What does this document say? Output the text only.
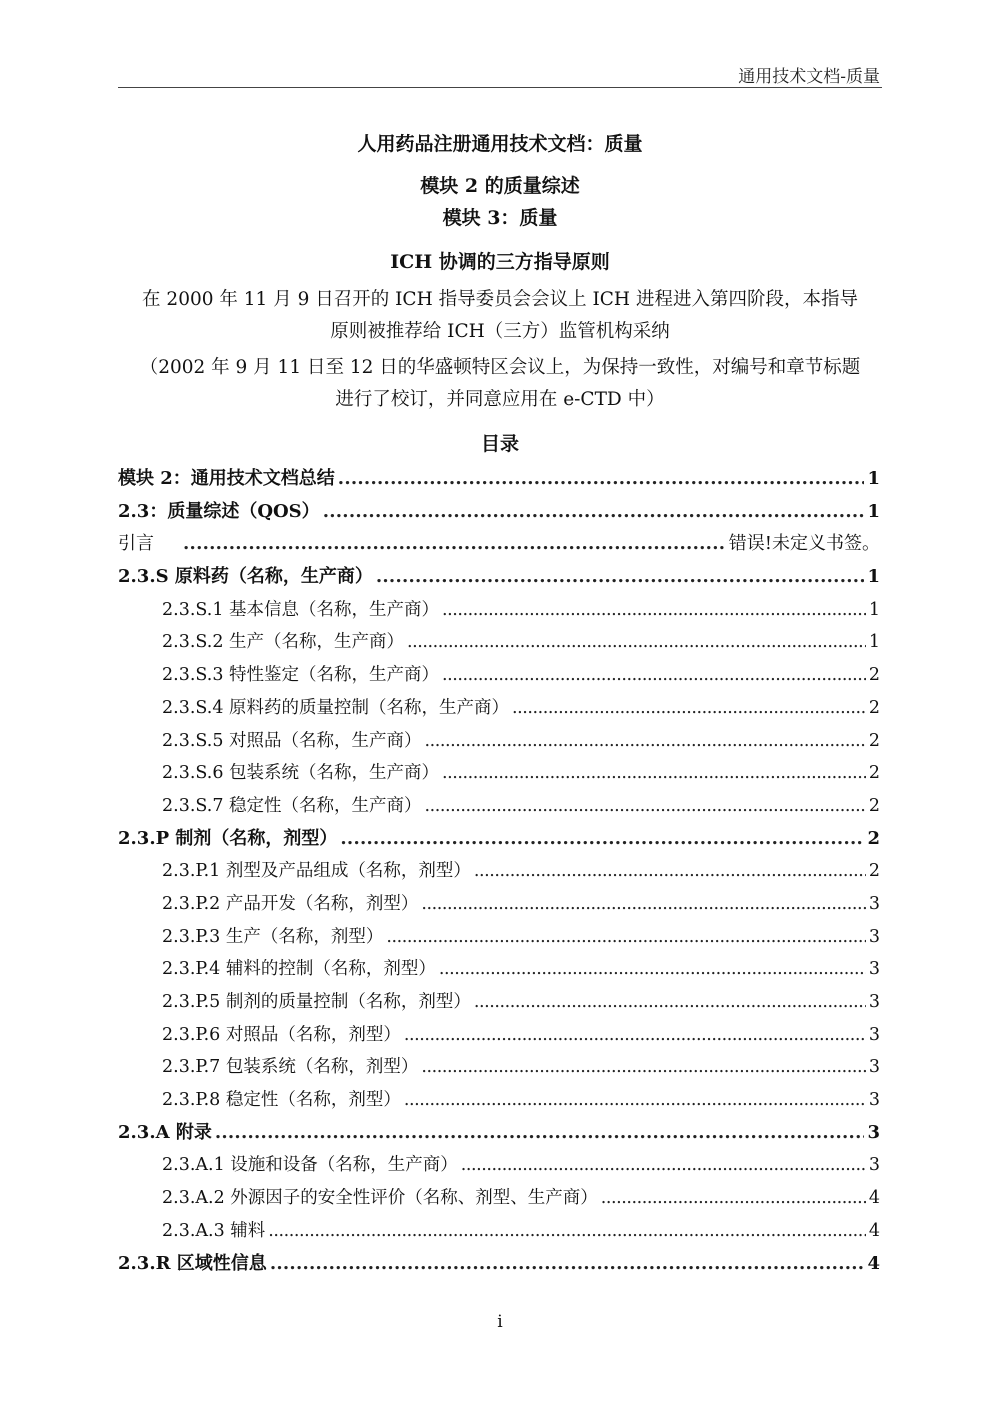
通用技术文档-质量
人用药品注册通用技术文档：质量
模块 2 的质量综述
模块 3：质量
ICH 协调的三方指导原则
在 2000 年 11 月 9 日召开的 ICH 指导委员会会议上 ICH 进程进入第四阶段，本指导
原则被推荐给 ICH（三方）监管机构采纳
（2002 年 9 月 11 日至 12 日的华盛顿特区会议上，为保持一致性，对编号和章节标题
进行了校订，并同意应用在 e-CTD 中）
目录
模块 2：通用技术文档总结 . . .	1
2.3：质量综述（QOS） . . .	1
引言 . . .	错误!未定义书签。
2.3.S 原料药（名称，生产商） . . .	1
2.3.S.1 基本信息（名称，生产商） . . .	1
2.3.S.2 生产（名称，生产商） . . .	1
2.3.S.3 特性鉴定（名称，生产商） . . .	2
2.3.S.4 原料药的质量控制（名称，生产商） . . .	2
2.3.S.5 对照品（名称，生产商） . . .	2
2.3.S.6 包装系统（名称，生产商） . . .	2
2.3.S.7 稳定性（名称，生产商） . . .	2
2.3.P 制剂（名称，剂型） . . .	2
2.3.P.1 剂型及产品组成（名称，剂型） . . .	2
2.3.P.2 产品开发（名称，剂型） . . .	3
2.3.P.3 生产（名称，剂型） . . .	3
2.3.P.4 辅料的控制（名称，剂型） . . .	3
2.3.P.5 制剂的质量控制（名称，剂型） . . .	3
2.3.P.6 对照品（名称，剂型） . . .	3
2.3.P.7 包装系统（名称，剂型） . . .	3
2.3.P.8 稳定性（名称，剂型） . . .	3
2.3.A 附录 . . .	3
2.3.A.1 设施和设备（名称，生产商） . . .	3
2.3.A.2 外源因子的安全性评价（名称、剂型、生产商） . . .	4
2.3.A.3 辅料 . . .	4
2.3.R 区域性信息 . . .	4
i
